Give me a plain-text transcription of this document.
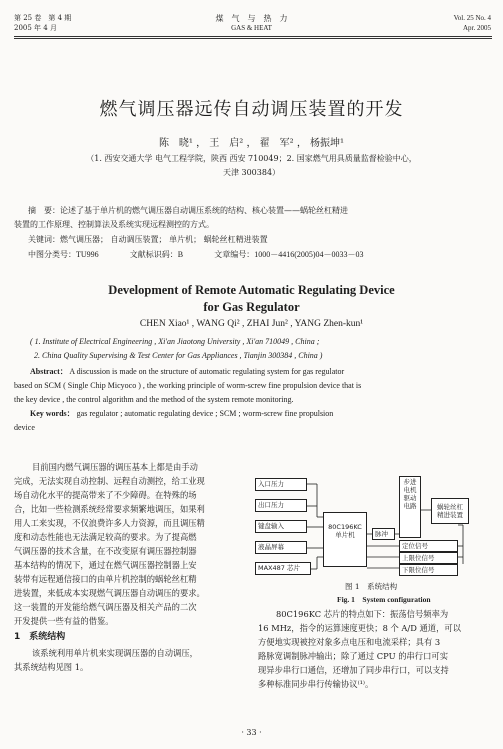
第 25 卷　第 4 期
2005 年 4 月
煤　气　与　热　力
GAS & HEAT
Vol. 25 No. 4
Apr. 2005
燃气调压器远传自动调压装置的开发
陈　晓¹ ， 王　启² ， 翟　军² ， 杨振坤¹
（1. 西安交通大学 电气工程学院，陕西 西安 710049；2. 国家燃气用具质量监督检验中心，
天津 300384）
摘　要：论述了基于单片机的燃气调压器自动调压系统的结构、核心装置——蜗轮丝杠精进
装置的工作原理、控制算法及系统实现远程测控的方式。
关键词：燃气调压器； 自动调压装置； 单片机； 蜗轮丝杠精进装置
中图分类号：TU996	文献标识码：B	文章编号：1000－4416(2005)04－0033－03
Development of Remote Automatic Regulating Device
for Gas Regulator
CHEN Xiao¹ , WANG Qi² , ZHAI Jun² , YANG Zhen-kun¹
( 1. Institute of Electrical Engineering , Xi'an Jiaotong University , Xi'an 710049 , China ;
2. China Quality Supervising & Test Center for Gas Appliances , Tianjin 300384 , China )
Abstract： A discussion is made on the structure of automatic regulating system for gas regulator
based on SCM ( Single Chip Micyoco ) , the working principle of worm-screw fine propulsion device that is
the key device , the control algorithm and the method of the system remote monitoring.
Key words： gas regulator ; automatic regulating device ; SCM ; worm-screw fine propulsion
device
目前国内燃气调压器的调压基本上都是由手动
完成，无法实现自动控制、远程自动测控，给工业现
场自动化水平的提高带来了不少障碍。在特殊的场
合，比如一些检测系统经常要求频繁地调压，如果利
用人工来实现，不仅浪费许多人力资源，而且调压精
度和动态性能也无法满足较高的要求。为了提高燃
气调压器的技术含量，在不改变原有调压器控制器
基本结构的情况下，通过在燃气调压器控制器上安
装带有远程通信接口的由单片机控制的蜗轮丝杠精
进装置，来低成本实现燃气调压器自动调压的要求。
这一装置的开发能给燃气调压器及相关产品的二次
开发提供一些有益的借鉴。
1　系统结构
该系统利用单片机来实现调压器的自动调压，
其系统结构见图 1。
入口压力
出口压力
键盘输入
液晶屏幕
MAX487 芯片
80C196KC
单片机	脉冲
步进
电机
驱动
电路	蜗轮丝杠
精进装置
定位信号
上限位信号
下限位信号
图 1　系统结构
Fig. 1　System configuration
80C196KC 芯片的特点如下：振荡信号频率为
16 MHz，指令的运算速度更快；8 个 A/D 通道，可以
方便地实现被控对象多点电压和电流采样；具有 3
路脉宽调制脉冲输出；除了通过 CPU 的串行口可实
现异步串行口通信，还增加了同步串行口，可以支持
多种标准同步串行传输协议⁽¹⁾。
· 33 ·
